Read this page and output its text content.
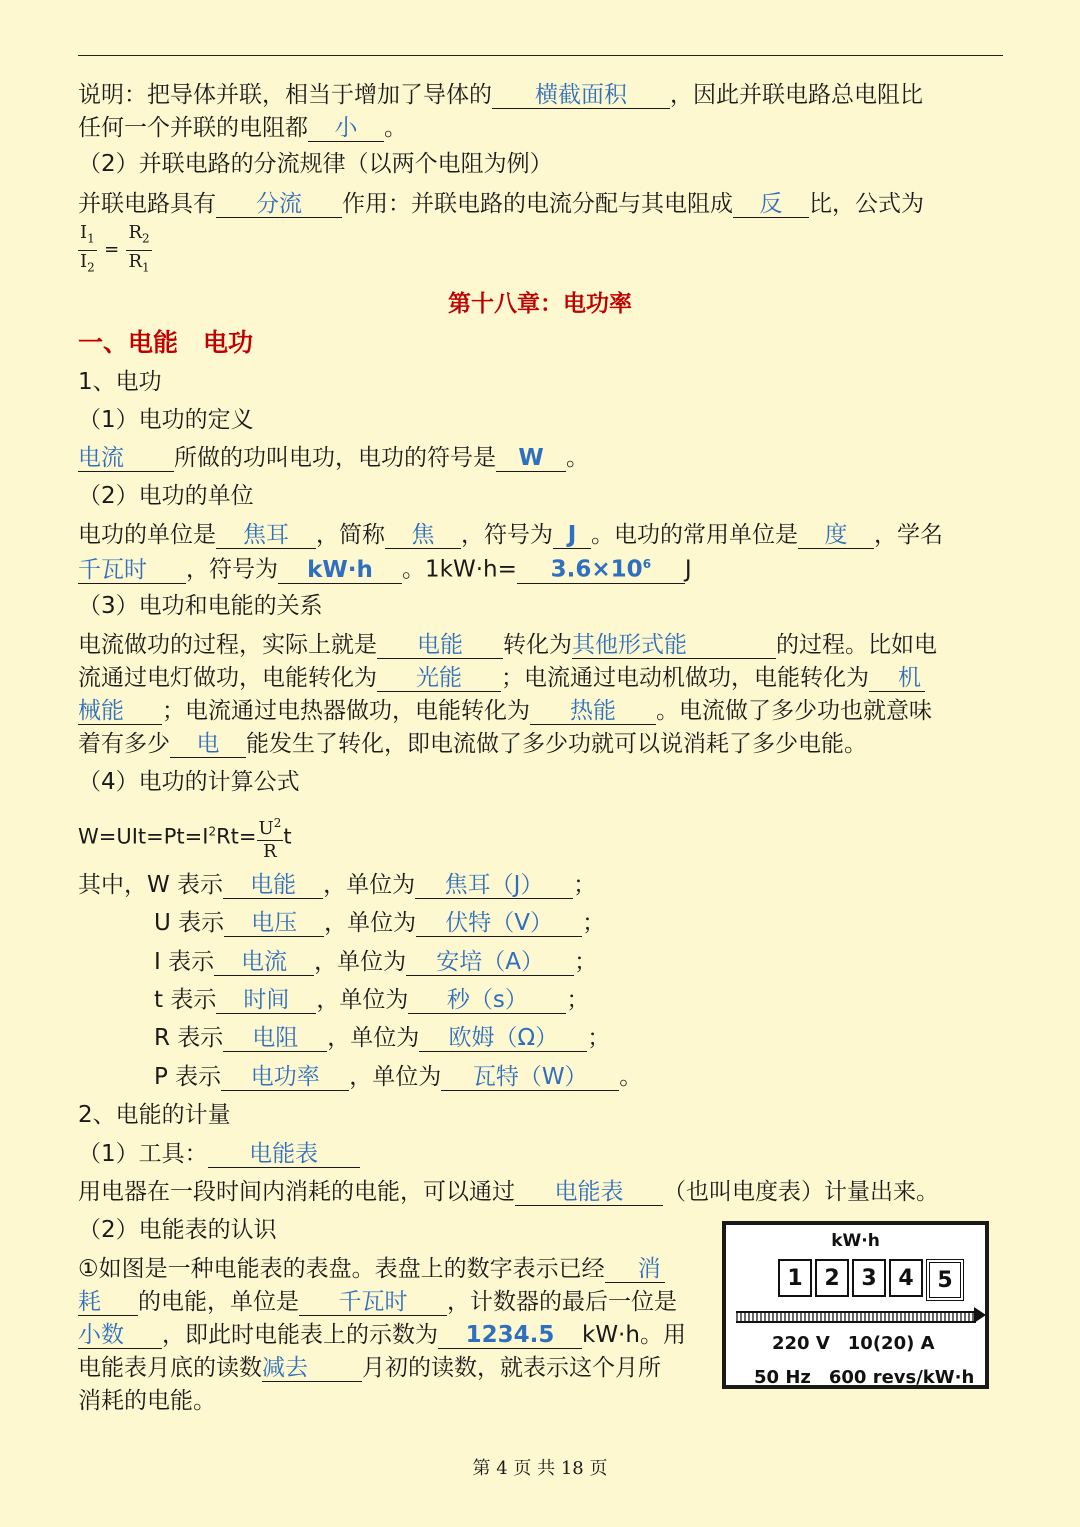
说明：把导体并联，相当于增加了导体的 横截面积 ，因此并联电路总电阻比
任何一个并联的电阻都 小 。
（2）并联电路的分流规律（以两个电阻为例）
并联电路具有 分流 作用：并联电路的电流分配与其电阻成 反 比，公式为
$\frac{I_1}{I_2} = \frac{R_2}{R_1}$
第十八章：电功率
一、电能　电功
1、电功
（1）电功的定义
电流 所做的功叫电功，电功的符号是 W 。
（2）电功的单位
电功的单位是 焦耳 ，简称 焦 ，符号为 J 。电功的常用单位是 度 ，学名
千瓦时 ，符号为 kW·h 。$1kW\cdot h= 3.6\times 10^6$ J
（3）电功和电能的关系
电流做功的过程，实际上就是 电能 转化为其他形式能	的过程。比如电
流通过电灯做功，电能转化为 光能 ；电流通过电动机做功，电能转化为 机
械能 ；电流通过电热器做功，电能转化为 热能 。电流做了多少功也就意味
着有多少 电 能发生了转化，即电流做了多少功就可以说消耗了多少电能。
（4）电功的计算公式
$W=UIt=Pt=I^2Rt= \frac{U^2}{R}$ t
其中，W 表示 电能 ，单位为 焦耳（J） ；
U 表示 电压 ，单位为 伏特（V） ；
I 表示 电流 ，单位为 安培（A） ；
t 表示 时间 ，单位为 秒（s） ；
R 表示 电阻 ，单位为 欧姆（Ω） ；
P 表示 电功率 ，单位为 瓦特（W） 。
2、电能的计量
（1）工具： 电能表
用电器在一段时间内消耗的电能，可以通过 电能表 （也叫电度表）计量出来。
（2）电能表的认识
①如图是一种电能表的表盘。表盘上的数字表示已经 消
耗 的电能，单位是 千瓦时 ，计数器的最后一位是
小数 ，即此时电能表上的示数为 1234.5 kW·h。用
电能表月底的读数减去 月初的读数，就表示这个月所
消耗的电能。
kW·h
1 2 3 4	5
220 V　10(20) A
50 Hz　600 revs/kW·h
第 4 页 共 18 页
